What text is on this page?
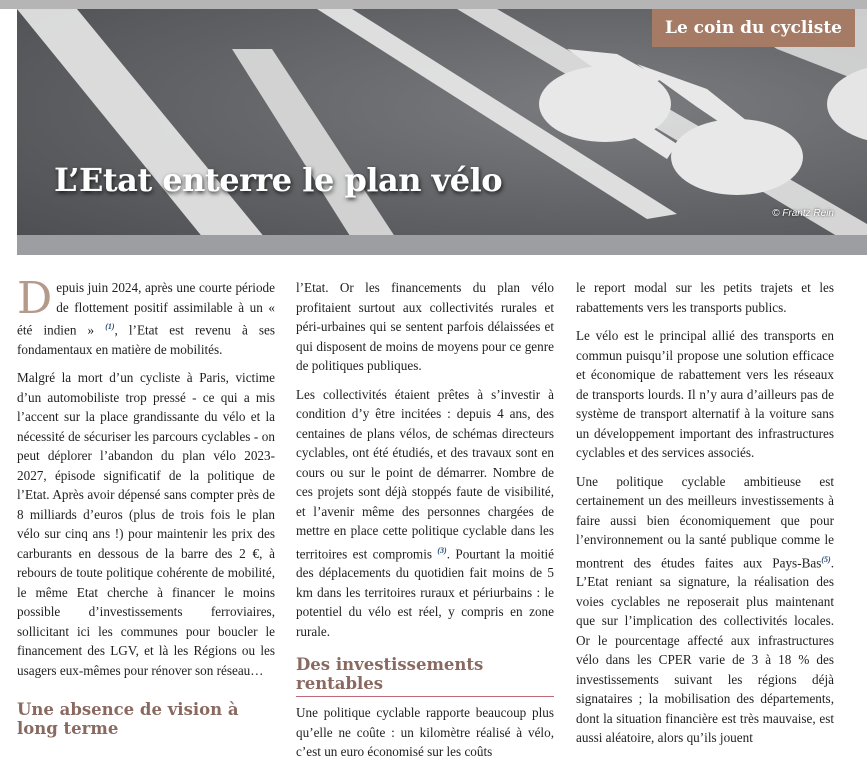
Le coin du cycliste
L’Etat enterre le plan vélo
© Frantz Rein

Depuis juin 2024, après une courte période de flottement positif assimilable à un « été indien » $^{(1)}$, l’Etat est revenu à ses fondamentaux en matière de mobilités.

Malgré la mort d’un cycliste à Paris, victime d’un automobiliste trop pressé - ce qui a mis l’accent sur la place grandissante du vélo et la nécessité de sécuriser les parcours cyclables - on peut déplorer l’abandon du plan vélo 2023-2027, épisode significatif de la politique de l’Etat. Après avoir dépensé sans compter près de 8 milliards d’euros (plus de trois fois le plan vélo sur cinq ans !) pour maintenir les prix des carburants en dessous de la barre des 2 €, à rebours de toute politique cohérente de mobilité, le même Etat cherche à financer le moins possible d’investissements ferroviaires, sollicitant ici les communes pour boucler le financement des LGV, et là les Régions ou les usagers eux-mêmes pour rénover son réseau…

Une absence de vision à long terme

l’Etat. Or les financements du plan vélo profitaient surtout aux collectivités rurales et péri-urbaines qui se sentent parfois délaissées et qui disposent de moins de moyens pour ce genre de politiques publiques.

Les collectivités étaient prêtes à s’investir à condition d’y être incitées : depuis 4 ans, des centaines de plans vélos, de schémas directeurs cyclables, ont été étudiés, et des travaux sont en cours ou sur le point de démarrer. Nombre de ces projets sont déjà stoppés faute de visibilité, et l’avenir même des personnes chargées de mettre en place cette politique cyclable dans les territoires est compromis $^{(3)}$. Pourtant la moitié des déplacements du quotidien fait moins de 5 km dans les territoires ruraux et périurbains : le potentiel du vélo est réel, y compris en zone rurale.

Des investissements rentables

Une politique cyclable rapporte beaucoup plus qu’elle ne coûte : un kilomètre réalisé à vélo, c’est un euro économisé sur les coûts

le report modal sur les petits trajets et les rabattements vers les transports publics.

Le vélo est le principal allié des transports en commun puisqu’il propose une solution efficace et économique de rabattement vers les réseaux de transports lourds. Il n’y aura d’ailleurs pas de système de transport alternatif à la voiture sans un développement important des infrastructures cyclables et des services associés.

Une politique cyclable ambitieuse est certainement un des meilleurs investissements à faire aussi bien économiquement que pour l’environnement ou la santé publique comme le montrent des études faites aux Pays-Bas$^{(5)}$. L’Etat reniant sa signature, la réalisation des voies cyclables ne reposerait plus maintenant que sur l’implication des collectivités locales. Or le pourcentage affecté aux infrastructures vélo dans les CPER varie de 3 à 18 % des investissements suivant les régions déjà signataires ; la mobilisation des départements, dont la situation financière est très mauvaise, est aussi aléatoire, alors qu’ils jouent
